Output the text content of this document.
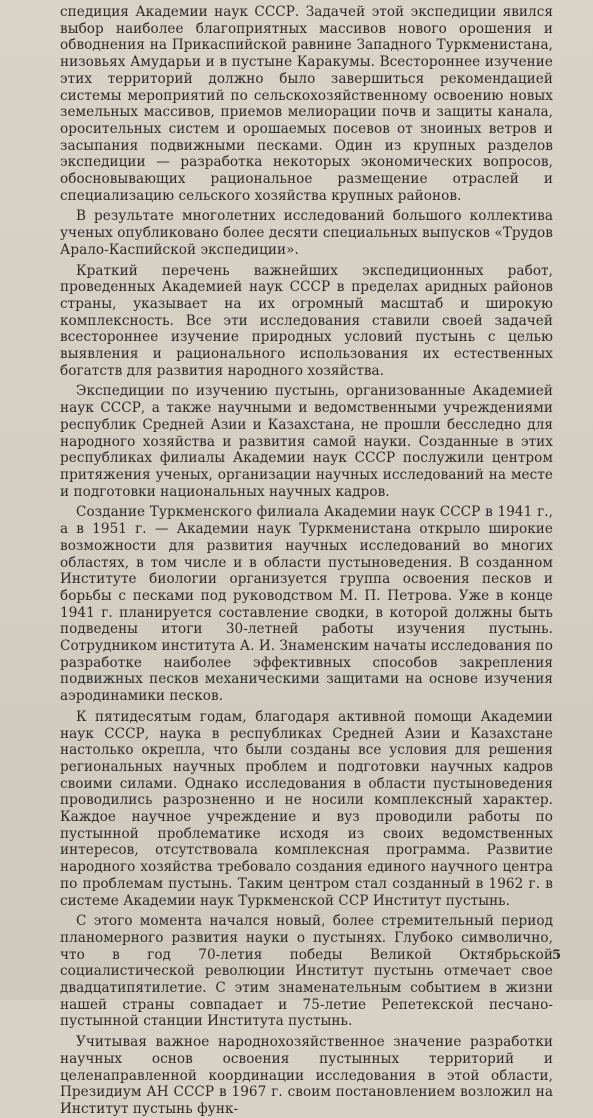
спедиция Академии наук СССР. Задачей этой экспедиции явился выбор наиболее благоприятных массивов нового орошения и обводнения на Прикаспийской равнине Западного Туркменистана, низовьях Амударьи и в пустыне Каракумы. Всестороннее изучение этих территорий должно было завершиться рекомендацией системы мероприятий по сельскохозяйственному освоению новых земельных массивов, приемов мелиорации почв и защиты канала, оросительных систем и орошаемых посевов от зноиных ветров и засыпания подвижными песками. Один из крупных разделов экспедиции — разработка некоторых экономических вопросов, обосновывающих рациональное размещение отраслей и специализацию сельского хозяйства крупных районов.

В результате многолетних исследований большого коллектива ученых опубликовано более десяти специальных выпусков «Трудов Арало-Каспийской экспедиции».

Краткий перечень важнейших экспедиционных работ, проведенных Академией наук СССР в пределах аридных районов страны, указывает на их огромный масштаб и широкую комплексность. Все эти исследования ставили своей задачей всестороннее изучение природных условий пустынь с целью выявления и рационального использования их естественных богатств для развития народного хозяйства.

Экспедиции по изучению пустынь, организованные Академией наук СССР, а также научными и ведомственными учреждениями республик Средней Азии и Казахстана, не прошли бесследно для народного хозяйства и развития самой науки. Созданные в этих республиках филиалы Академии наук СССР послужили центром притяжения ученых, организации научных исследований на месте и подготовки национальных научных кадров.

Создание Туркменского филиала Академии наук СССР в 1941 г., а в 1951 г. — Академии наук Туркменистана открыло широкие возможности для развития научных исследований во многих областях, в том числе и в области пустыноведения. В созданном Институте биологии организуется группа освоения песков и борьбы с песками под руководством М. П. Петрова. Уже в конце 1941 г. планируется составление сводки, в которой должны быть подведены итоги 30-летней работы изучения пустынь. Сотрудником института А. И. Знаменским начаты исследования по разработке наиболее эффективных способов закрепления подвижных песков механическими защитами на основе изучения аэродинамики песков.

К пятидесятым годам, благодаря активной помощи Академии наук СССР, наука в республиках Средней Азии и Казахстане настолько окрепла, что были созданы все условия для решения региональных научных проблем и подготовки научных кадров своими силами. Однако исследования в области пустыноведения проводились разрозненно и не носили комплексный характер. Каждое научное учреждение и вуз проводили работы по пустынной проблематике исходя из своих ведомственных интересов, отсутствовала комплексная программа. Развитие народного хозяйства требовало создания единого научного центра по проблемам пустынь. Таким центром стал созданный в 1962 г. в системе Академии наук Туркменской ССР Институт пустынь.

С этого момента начался новый, более стремительный период планомерного развития науки о пустынях. Глубоко символично, что в год 70-летия победы Великой Октябрьской социалистической революции Институт пустынь отмечает свое двадцатипятилетие. С этим знаменательным событием в жизни нашей страны совпадает и 75-летие Репетекской песчано-пустынной станции Института пустынь.

Учитывая важное народнохозяйственное значение разработки научных основ освоения пустынных территорий и целенаправленной координации исследования в этой области, Президиум АН СССР в 1967 г. своим постановлением возложил на Институт пустынь функ-

5
